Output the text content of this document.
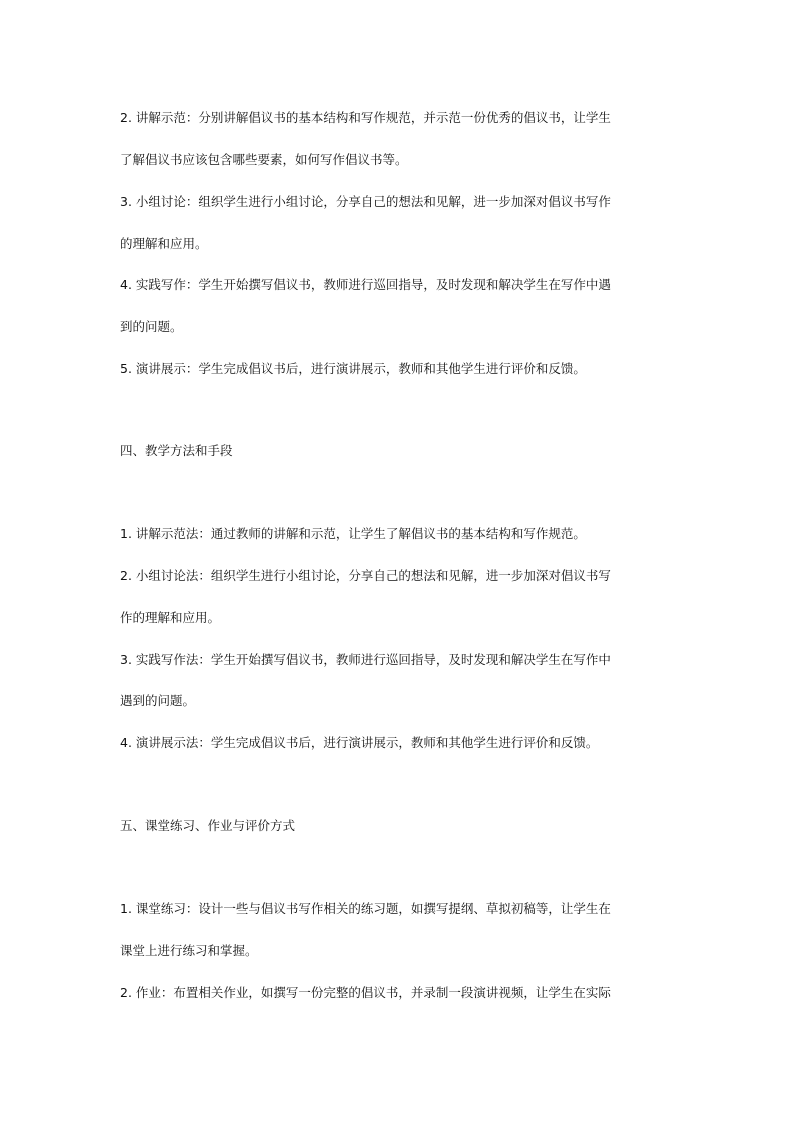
2. 讲解示范：分别讲解倡议书的基本结构和写作规范，并示范一份优秀的倡议书，让学生
了解倡议书应该包含哪些要素，如何写作倡议书等。
3. 小组讨论：组织学生进行小组讨论，分享自己的想法和见解，进一步加深对倡议书写作
的理解和应用。
4. 实践写作：学生开始撰写倡议书，教师进行巡回指导，及时发现和解决学生在写作中遇
到的问题。
5. 演讲展示：学生完成倡议书后，进行演讲展示，教师和其他学生进行评价和反馈。
四、教学方法和手段
1. 讲解示范法：通过教师的讲解和示范，让学生了解倡议书的基本结构和写作规范。
2. 小组讨论法：组织学生进行小组讨论，分享自己的想法和见解，进一步加深对倡议书写
作的理解和应用。
3. 实践写作法：学生开始撰写倡议书，教师进行巡回指导，及时发现和解决学生在写作中
遇到的问题。
4. 演讲展示法：学生完成倡议书后，进行演讲展示，教师和其他学生进行评价和反馈。
五、课堂练习、作业与评价方式
1. 课堂练习：设计一些与倡议书写作相关的练习题，如撰写提纲、草拟初稿等，让学生在
课堂上进行练习和掌握。
2. 作业：布置相关作业，如撰写一份完整的倡议书，并录制一段演讲视频，让学生在实际
